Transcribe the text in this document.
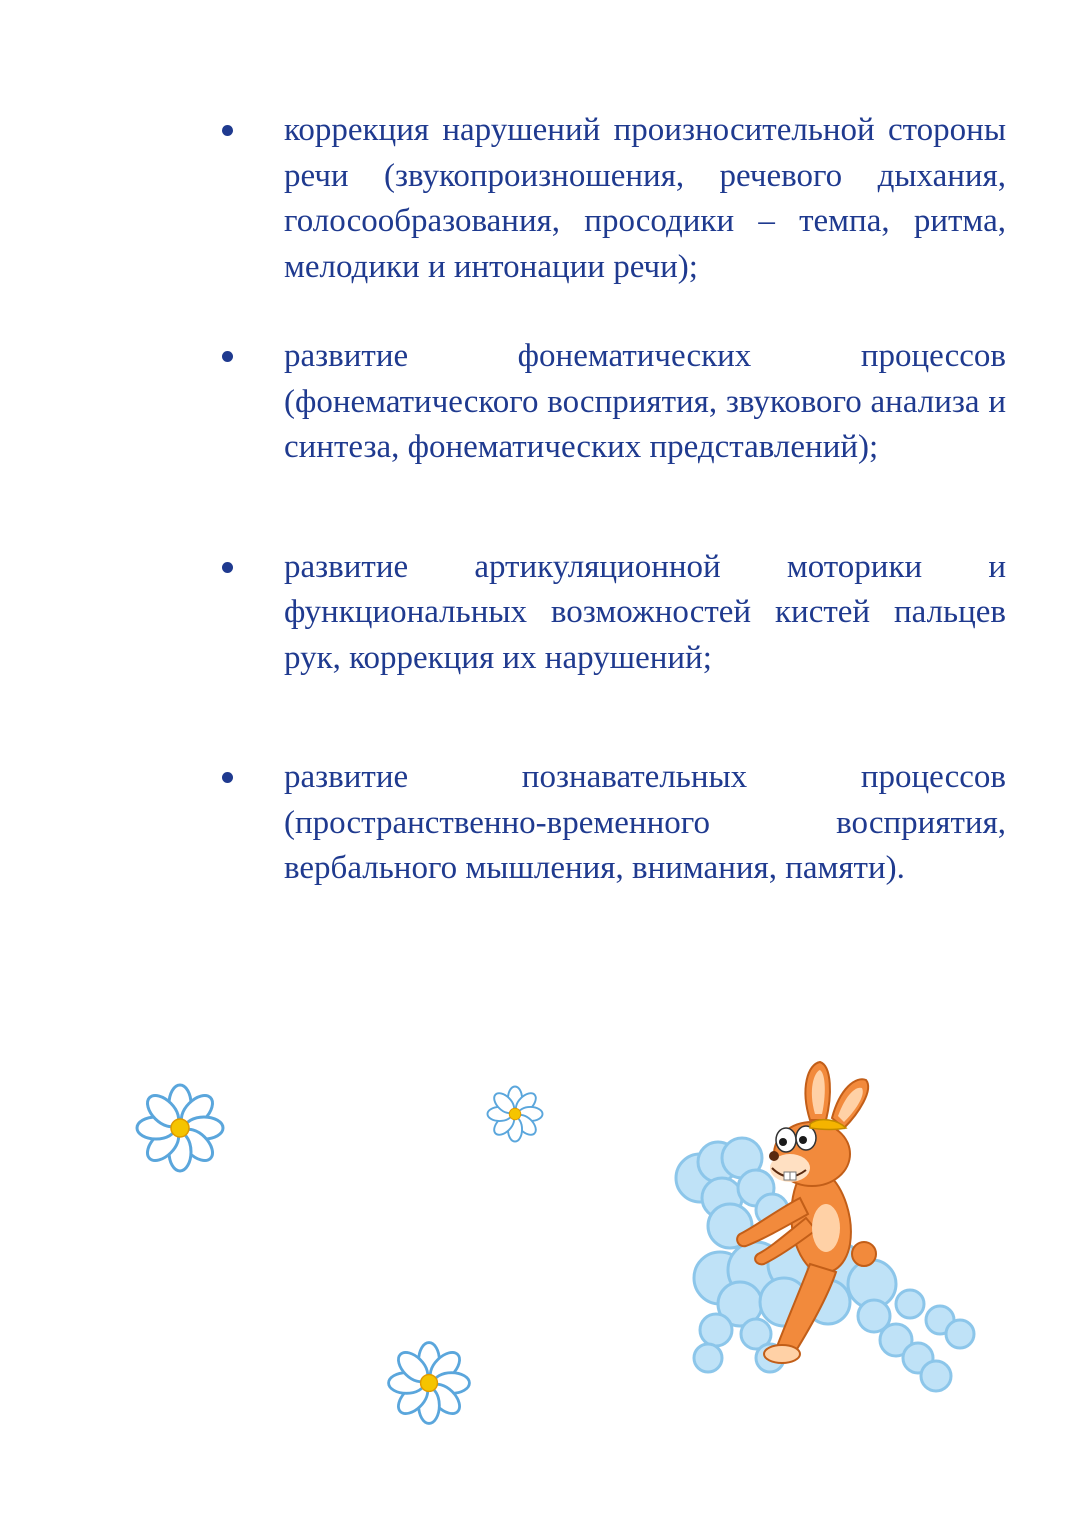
коррекция нарушений произносительной стороны речи (звукопроизношения, речевого дыхания, голосообразования, просодики – темпа, ритма, мелодики и интонации речи);
развитие фонематических процессов (фонематического восприятия, звукового анализа и синтеза, фонематических представлений);
развитие артикуляционной моторики и функциональных возможностей кистей пальцев рук, коррекция их нарушений;
развитие познавательных процессов (пространственно-временного восприятия, вербального мышления, внимания, памяти).
